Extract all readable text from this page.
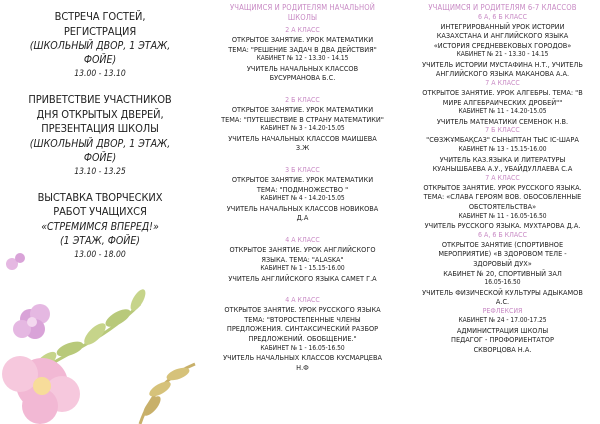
ВСТРЕЧА ГОСТЕЙ,
РЕГИСТРАЦИЯ
(ШКОЛЬНЫЙ ДВОР, 1 ЭТАЖ,
ФОЙЕ)
13.00 - 13.10
ПРИВЕТСТВИЕ УЧАСТНИКОВ
ДНЯ ОТКРЫТЫХ ДВЕРЕЙ,
ПРЕЗЕНТАЦИЯ ШКОЛЫ
(ШКОЛЬНЫЙ ДВОР, 1 ЭТАЖ,
ФОЙЕ)
13.10 - 13.25
ВЫСТАВКА ТВОРЧЕСКИХ
РАБОТ УЧАЩИХСЯ
«СТРЕМИМСЯ ВПЕРЕД!»
(1 ЭТАЖ, ФОЙЕ)
13.00 - 18.00
УЧАЩИМСЯ И РОДИТЕЛЯМ НАЧАЛЬНОЙ
ШКОЛЫ
2 А КЛАСС
ОТКРЫТОЕ ЗАНЯТИЕ. УРОК МАТЕМАТИКИ
ТЕМА: "РЕШЕНИЕ ЗАДАЧ В ДВА ДЕЙСТВИЯ"
КАБИНЕТ № 12 - 13.30 - 14.15
УЧИТЕЛЬ НАЧАЛЬНЫХ КЛАССОВ
БУСУРМАНОВА Б.С.
2 Б КЛАСС
ОТКРЫТОЕ ЗАНЯТИЕ. УРОК МАТЕМАТИКИ
ТЕМА: "ПУТЕШЕСТВИЕ В СТРАНУ МАТЕМАТИКИ"
КАБИНЕТ № 3 - 14.20-15.05
УЧИТЕЛЬ НАЧАЛЬНЫХ КЛАССОВ МАИШЕВА
З.Ж
3 Б КЛАСС
ОТКРЫТОЕ ЗАНЯТИЕ. УРОК МАТЕМАТИКИ
ТЕМА: "ПОДМНОЖЕСТВО "
КАБИНЕТ № 4 - 14.20-15.05
УЧИТЕЛЬ НАЧАЛЬНЫХ КЛАССОВ НОВИКОВА
Д.А
4 А КЛАСС
ОТКРЫТОЕ ЗАНЯТИЕ. УРОК АНГЛИЙСКОГО
ЯЗЫКА. ТЕМА: "ALASKA"
КАБИНЕТ № 1 - 15.15-16.00
УЧИТЕЛЬ АНГЛИЙСКОГО ЯЗЫКА САМЕТ Г.А
4 А КЛАСС
ОТКРЫТОЕ ЗАНЯТИЕ. УРОК РУССКОГО ЯЗЫКА
ТЕМА: "ВТОРОСТЕПЕННЫЕ ЧЛЕНЫ
ПРЕДЛОЖЕНИЯ. СИНТАКСИЧЕСКИЙ РАЗБОР
ПРЕДЛОЖЕНИЙ. ОБОБЩЕНИЕ."
КАБИНЕТ № 1 - 16.05-16.50
УЧИТЕЛЬ НАЧАЛЬНЫХ КЛАССОВ КУСМАРЦЕВА
Н.Ф
УЧАЩИМСЯ И РОДИТЕЛЯМ 6-7 КЛАССОВ
6 А, 6 Б КЛАСС
ИНТЕГРИРОВАННЫЙ УРОК ИСТОРИИ
КАЗАХСТАНА И АНГЛИЙСКОГО ЯЗЫКА
«ИСТОРИЯ СРЕДНЕВЕКОВЫХ ГОРОДОВ»
КАБИНЕТ № 21 - 13.30 - 14.15
УЧИТЕЛЬ ИСТОРИИ МУСТАФИНА Н.Т., УЧИТЕЛЬ
АНГЛИЙСКОГО ЯЗЫКА МАКАНОВА А.А.
7 А КЛАСС
ОТКРЫТОЕ ЗАНЯТИЕ. УРОК АЛГЕБРЫ. ТЕМА: "В
МИРЕ АЛГЕБРАИЧЕСКИХ ДРОБЕЙ""
КАБИНЕТ № 11 - 14.20-15.05
УЧИТЕЛЬ МАТЕМАТИКИ СЕМЕНОК Н.В.
7 Б КЛАСС
"СӨЗЖҰМБАҚСАЗ" СЫНЫПТАН ТЫС ІС-ШАРА
КАБИНЕТ № 13 - 15.15-16.00
УЧИТЕЛЬ КАЗ.ЯЗЫКА И ЛИТЕРАТУРЫ
КУАНЫШБАЕВА А.У., УБАЙДУЛЛАЕВА С.А
7 А КЛАСС
ОТКРЫТОЕ ЗАНЯТИЕ. УРОК РУССКОГО ЯЗЫКА.
ТЕМА: «СЛАВА ГЕРОЯМ ВОВ. ОБОСОБЛЕННЫЕ
ОБСТОЯТЕЛЬСТВА»
КАБИНЕТ № 11 - 16.05-16.50
УЧИТЕЛЬ РУССКОГО ЯЗЫКА. МУХТАРОВА Д.А.
6 А, 6 Б КЛАСС
ОТКРЫТОЕ ЗАНЯТИЕ (СПОРТИВНОЕ
МЕРОПРИЯТИЕ) «В ЗДОРОВОМ ТЕЛЕ -
ЗДОРОВЫЙ ДУХ»
КАБИНЕТ № 20, СПОРТИВНЫЙ ЗАЛ
16.05-16.50
УЧИТЕЛЬ ФИЗИЧЕСКОЙ КУЛЬТУРЫ АДЫКАМОВ
А.С.
РЕФЛЕКСИЯ
КАБИНЕТ № 24 - 17.00-17.25
АДМИНИСТРАЦИЯ ШКОЛЫ
ПЕДАГОГ - ПРОФОРИЕНТАТОР
СКВОРЦОВА Н.А.
